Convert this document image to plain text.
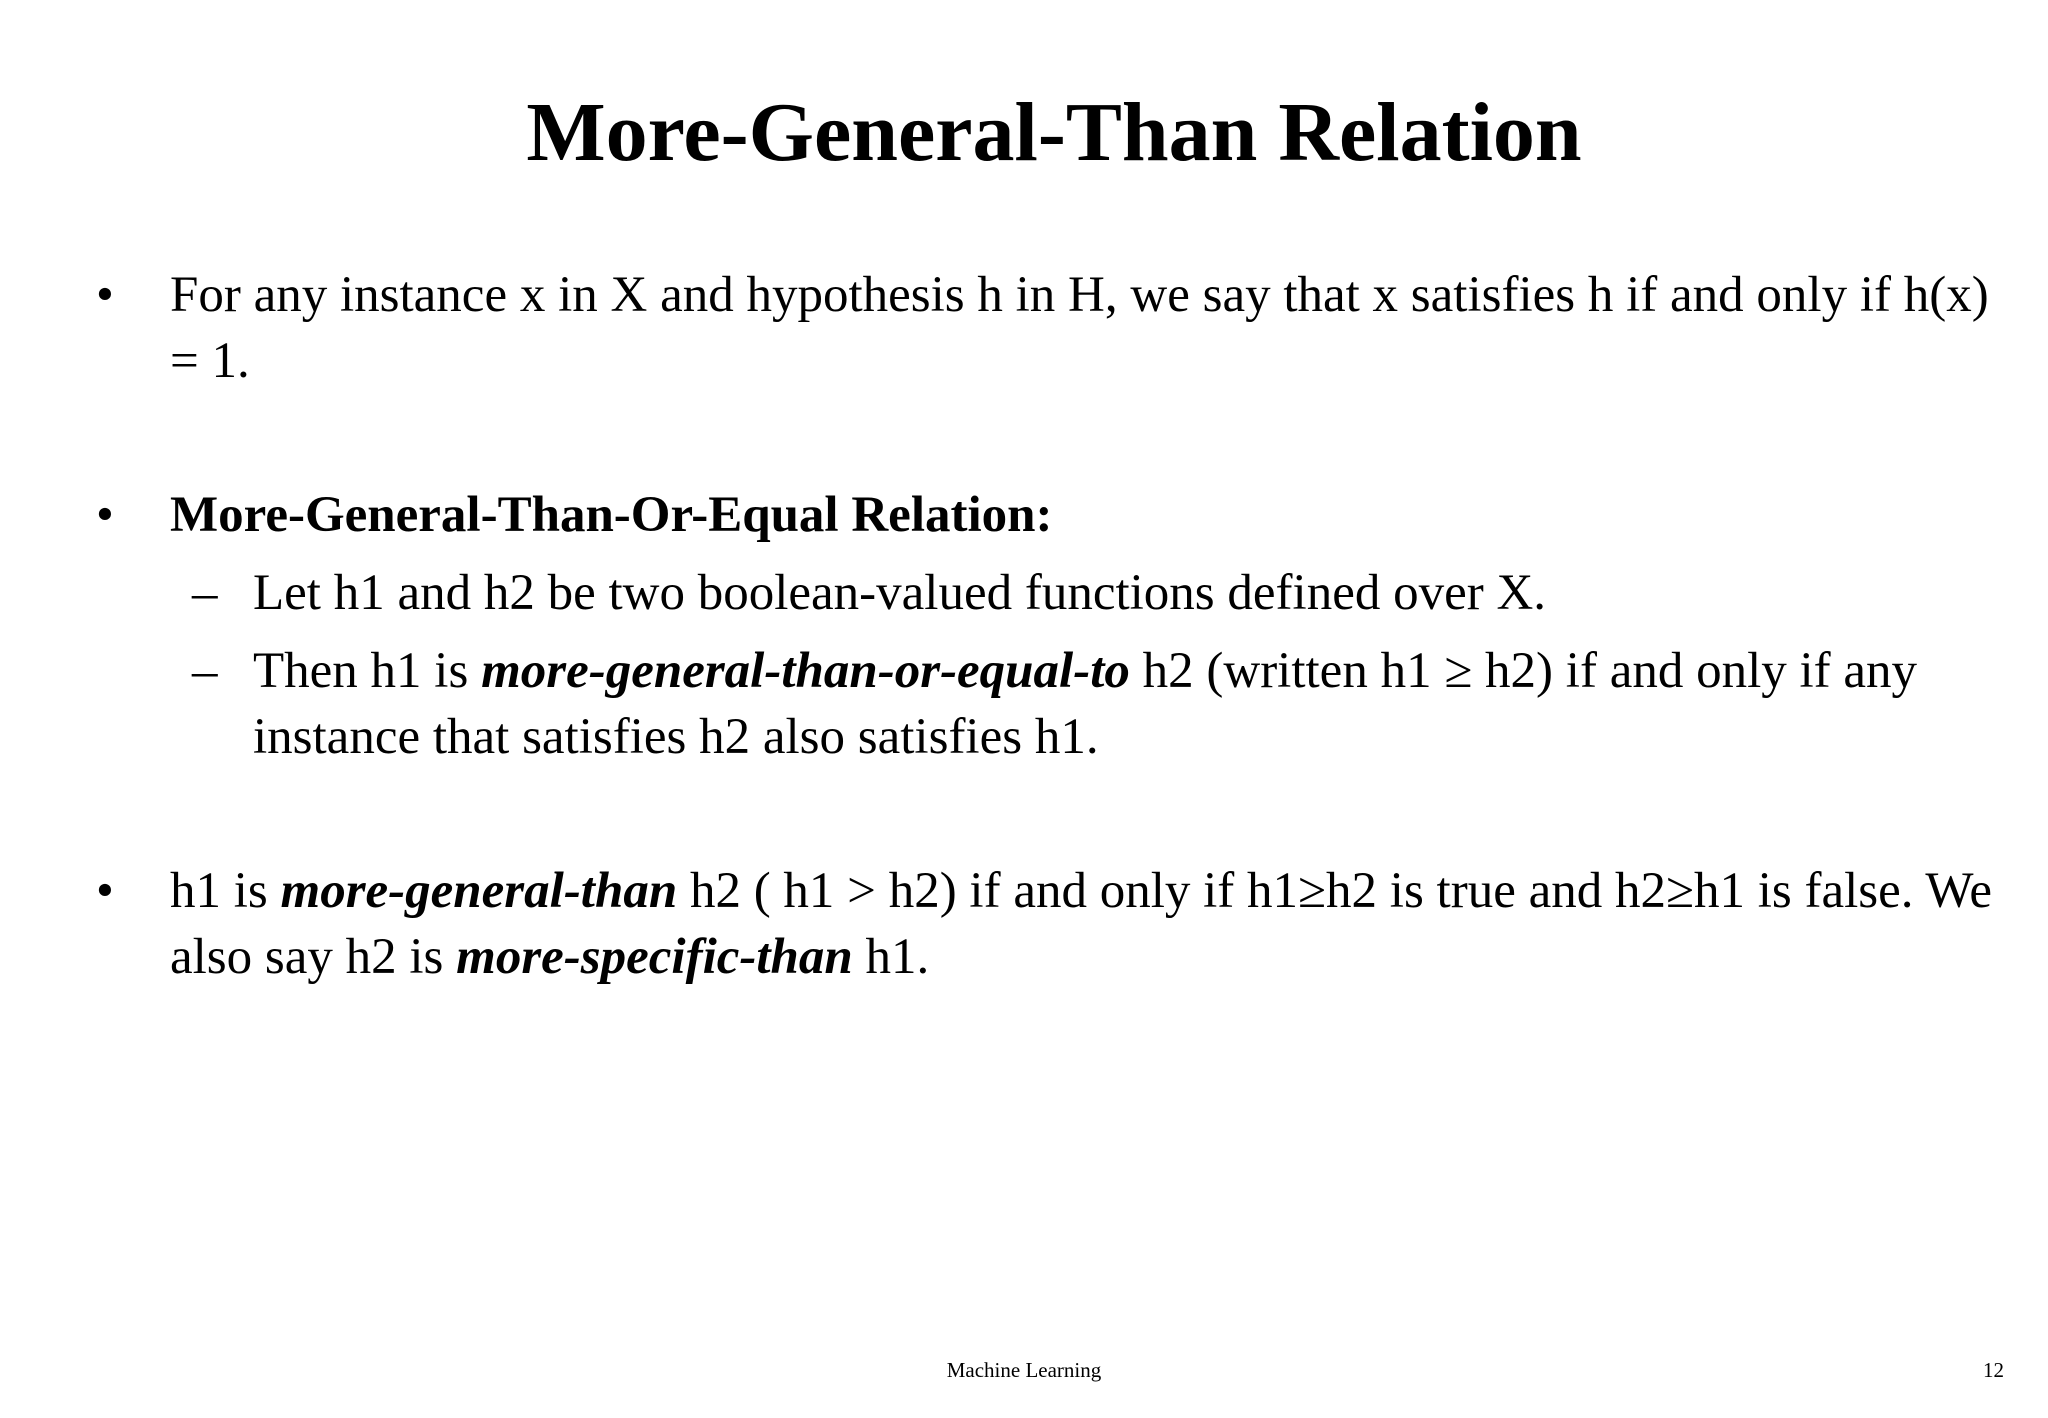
More-General-Than Relation
• For any instance x in X and hypothesis h in H, we say that x satisfies h if and only if h(x) = 1.
• More-General-Than-Or-Equal Relation:
– Let h1 and h2 be two boolean-valued functions defined over X.
– Then h1 is more-general-than-or-equal-to h2 (written h1 ≥ h2) if and only if any instance that satisfies h2 also satisfies h1.
• h1 is more-general-than h2 ( h1 > h2) if and only if h1≥h2 is true and h2≥h1 is false. We also say h2 is more-specific-than h1.
Machine Learning	12
